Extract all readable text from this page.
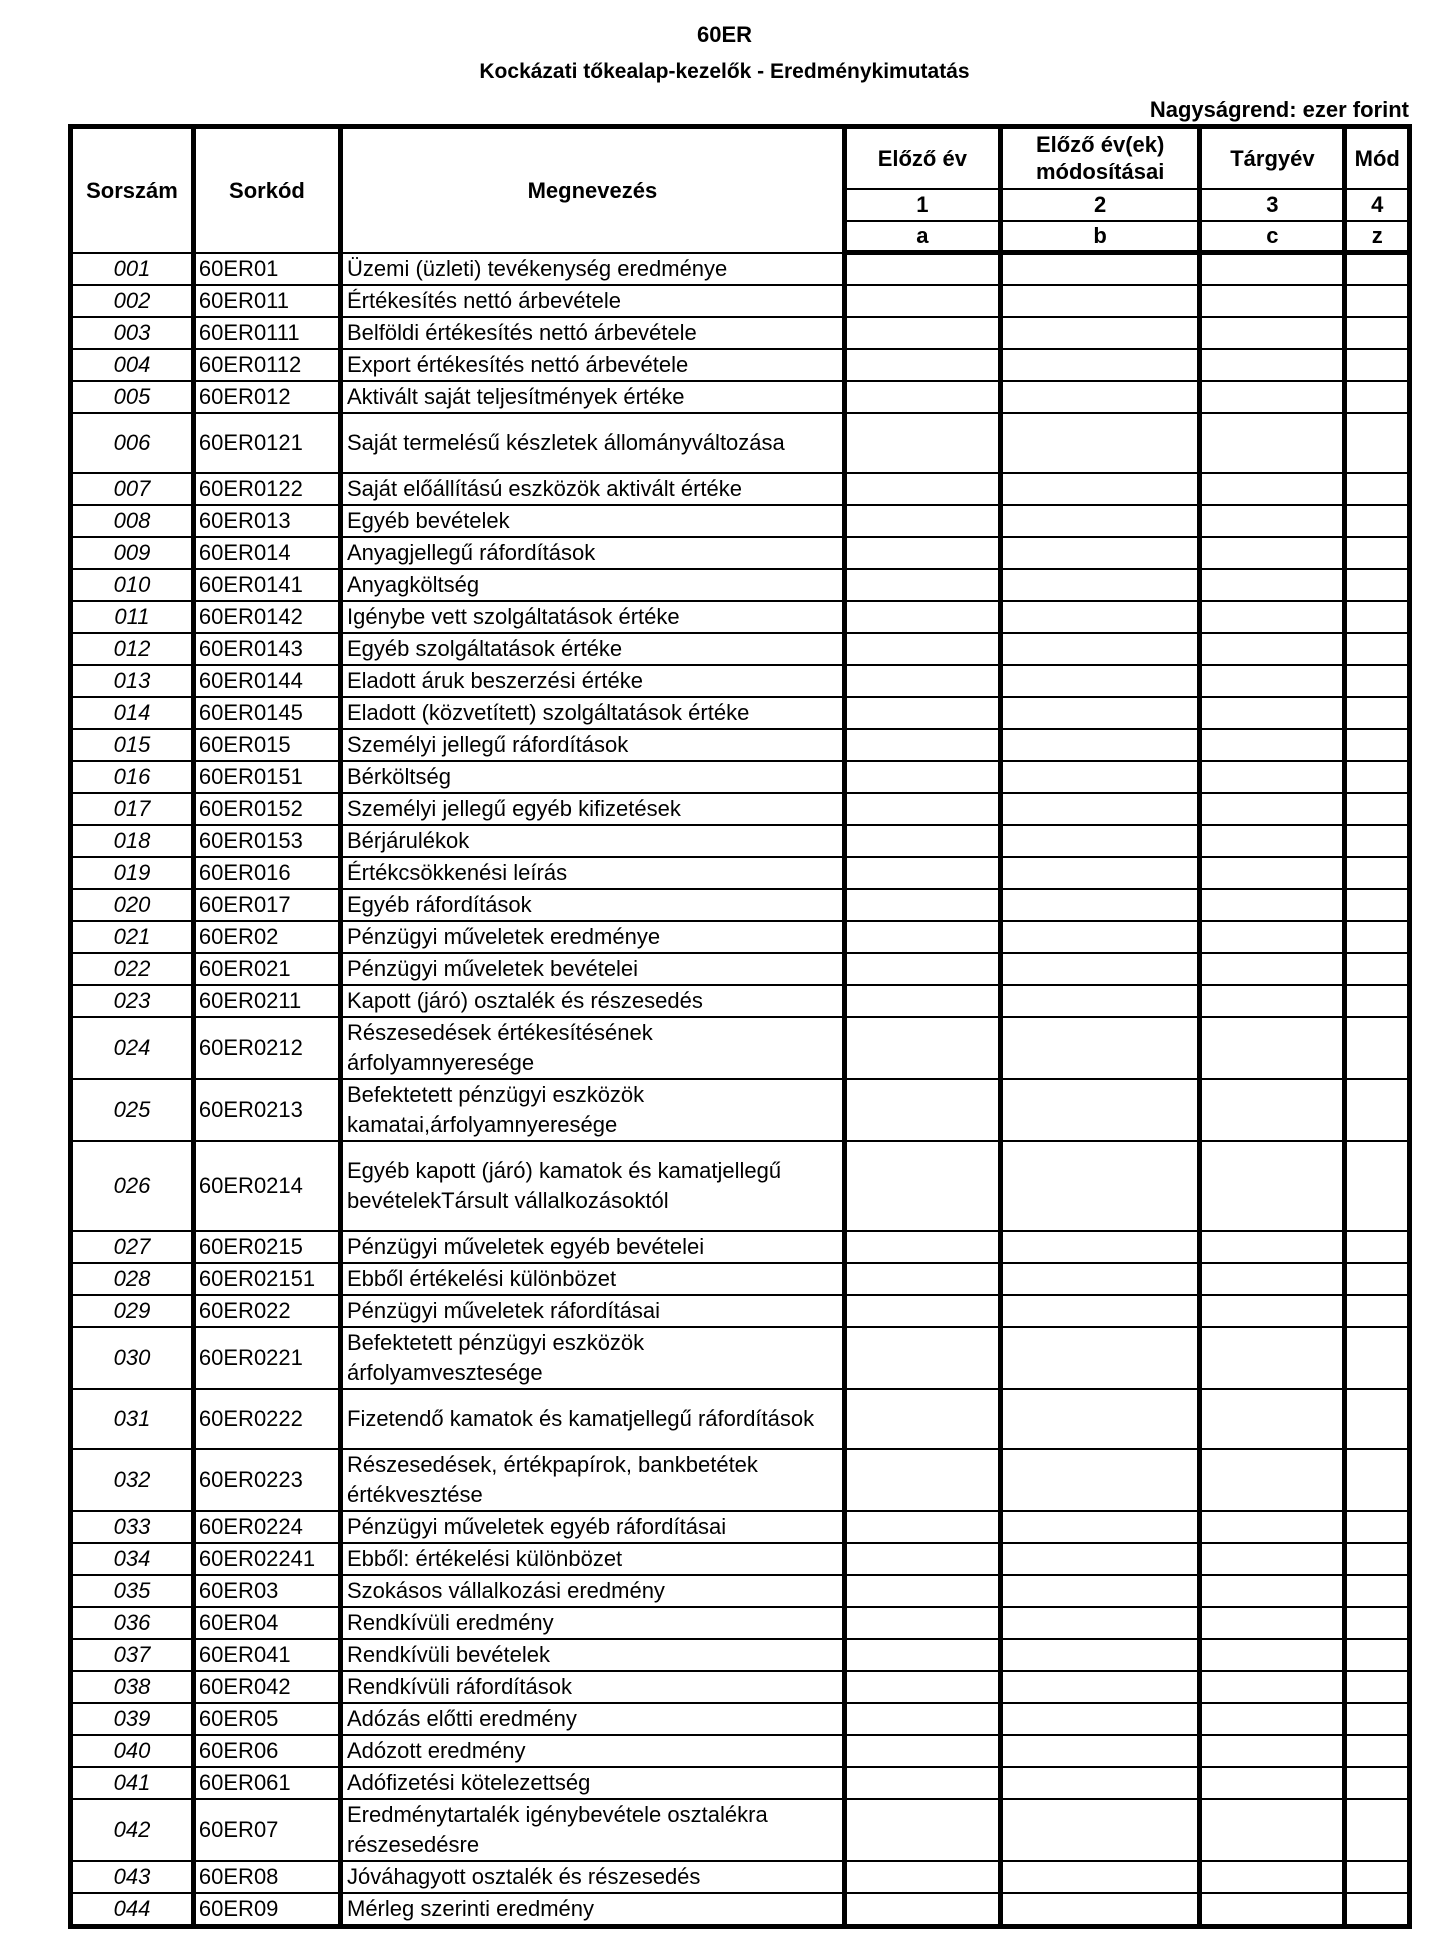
60ER
Kockázati tőkealap-kezelők - Eredménykimutatás
Nagyságrend: ezer forint
Sorszám	Sorkód	Megnevezés	Előző év	Előző év(ek) módosításai	Tárgyév	Mód
			1	2	3	4
			a	b	c	z
001	60ER01	Üzemi (üzleti) tevékenység eredménye				
002	60ER011	Értékesítés nettó árbevétele				
003	60ER0111	Belföldi értékesítés nettó árbevétele				
004	60ER0112	Export értékesítés nettó árbevétele				
005	60ER012	Aktivált saját teljesítmények értéke				
006	60ER0121	Saját termelésű készletek állományváltozása				
007	60ER0122	Saját előállítású eszközök aktivált értéke				
008	60ER013	Egyéb bevételek				
009	60ER014	Anyagjellegű ráfordítások				
010	60ER0141	Anyagköltség				
011	60ER0142	Igénybe vett szolgáltatások értéke				
012	60ER0143	Egyéb szolgáltatások értéke				
013	60ER0144	Eladott áruk beszerzési értéke				
014	60ER0145	Eladott (közvetített) szolgáltatások értéke				
015	60ER015	Személyi jellegű ráfordítások				
016	60ER0151	Bérköltség				
017	60ER0152	Személyi jellegű egyéb kifizetések				
018	60ER0153	Bérjárulékok				
019	60ER016	Értékcsökkenési leírás				
020	60ER017	Egyéb ráfordítások				
021	60ER02	Pénzügyi műveletek eredménye				
022	60ER021	Pénzügyi műveletek bevételei				
023	60ER0211	Kapott (járó) osztalék és részesedés				
024	60ER0212	Részesedések értékesítésének árfolyamnyeresége				
025	60ER0213	Befektetett pénzügyi eszközök kamatai,árfolyamnyeresége				
026	60ER0214	Egyéb kapott (járó) kamatok és kamatjellegű bevételekTársult vállalkozásoktól				
027	60ER0215	Pénzügyi műveletek egyéb bevételei				
028	60ER02151	Ebből értékelési különbözet				
029	60ER022	Pénzügyi műveletek ráfordításai				
030	60ER0221	Befektetett pénzügyi eszközök árfolyamvesztesége				
031	60ER0222	Fizetendő kamatok és kamatjellegű ráfordítások				
032	60ER0223	Részesedések, értékpapírok, bankbetétek értékvesztése				
033	60ER0224	Pénzügyi műveletek egyéb ráfordításai				
034	60ER02241	Ebből: értékelési különbözet				
035	60ER03	Szokásos vállalkozási eredmény				
036	60ER04	Rendkívüli eredmény				
037	60ER041	Rendkívüli bevételek				
038	60ER042	Rendkívüli ráfordítások				
039	60ER05	Adózás előtti eredmény				
040	60ER06	Adózott eredmény				
041	60ER061	Adófizetési kötelezettség				
042	60ER07	Eredménytartalék igénybevétele osztalékra részesedésre				
043	60ER08	Jóváhagyott osztalék és részesedés				
044	60ER09	Mérleg szerinti eredmény				
